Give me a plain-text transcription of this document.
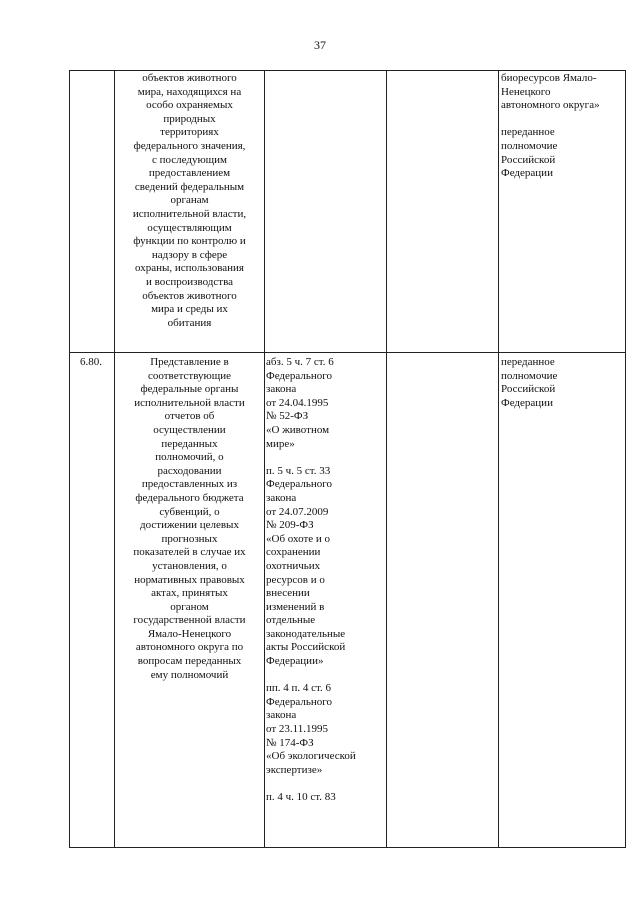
37
объектов животного
мира, находящихся на
особо охраняемых
природных
территориях
федерального значения,
с последующим
предоставлением
сведений федеральным
органам
исполнительной власти,
осуществляющим
функции по контролю и
надзору в сфере
охраны, использования
и воспроизводства
объектов животного
мира и среды их
обитания
биоресурсов Ямало-
Ненецкого
автономного округа»

переданное
полномочие
Российской
Федерации
6.80.	Представление в
соответствующие
федеральные органы
исполнительной власти
отчетов об
осуществлении
переданных
полномочий, о
расходовании
предоставленных из
федерального бюджета
субвенций, о
достижении целевых
прогнозных
показателей в случае их
установления, о
нормативных правовых
актах, принятых
органом
государственной власти
Ямало-Ненецкого
автономного округа по
вопросам переданных
ему полномочий
абз. 5 ч. 7 ст. 6
Федерального
закона
от 24.04.1995
№ 52-ФЗ
«О животном
мире»

п. 5 ч. 5 ст. 33
Федерального
закона
от 24.07.2009
№ 209-ФЗ
«Об охоте и о
сохранении
охотничьих
ресурсов и о
внесении
изменений в
отдельные
законодательные
акты Российской
Федерации»

пп. 4 п. 4 ст. 6
Федерального
закона
от 23.11.1995
№ 174-ФЗ
«Об экологической
экспертизе»

п. 4 ч. 10 ст. 83
переданное
полномочие
Российской
Федерации
